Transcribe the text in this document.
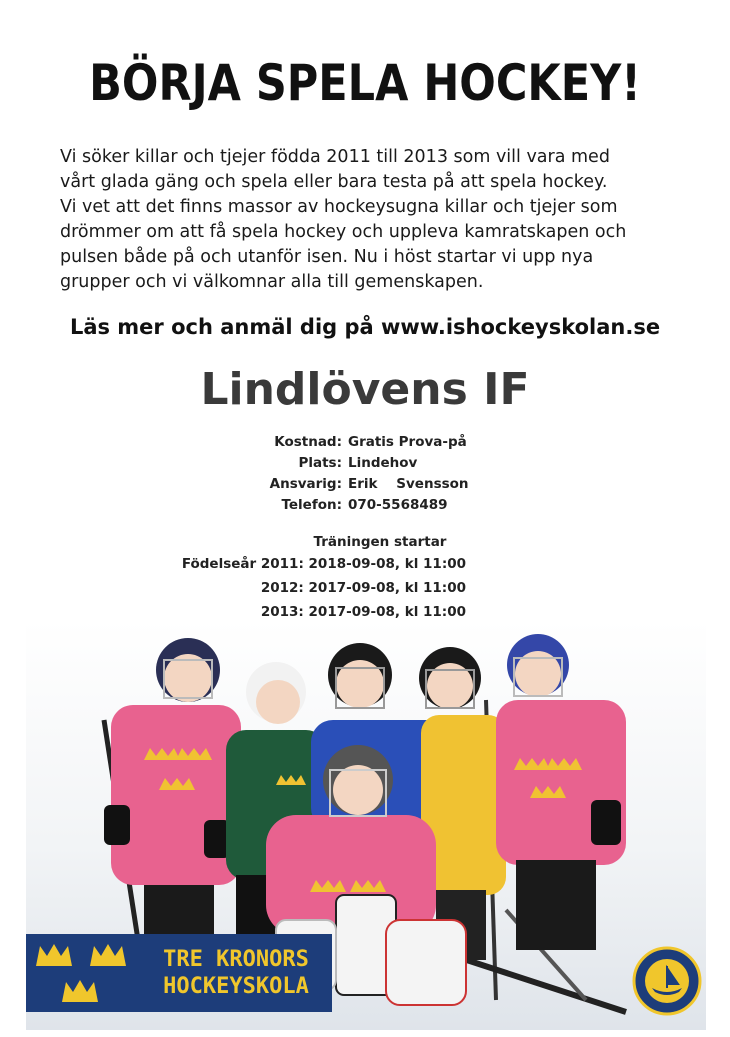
BÖRJA SPELA HOCKEY!
Vi söker killar och tjejer födda 2011 till 2013 som vill vara med
vårt glada gäng och spela eller bara testa på att spela hockey.
Vi vet att det finns massor av hockeysugna killar och tjejer som
drömmer om att få spela hockey och uppleva kamratskapen och
pulsen både på och utanför isen. Nu i höst startar vi upp nya
grupper och vi välkomnar alla till gemenskapen.
Läs mer och anmäl dig på www.ishockeyskolan.se
Lindlövens IF
Kostnad: Gratis Prova-på
Plats: Lindehov
Ansvarig: Erik    Svensson
Telefon: 070-5568489
Träningen startar
Födelseår 2011: 2018-09-08, kl 11:00
2012: 2017-09-08, kl 11:00
2013: 2017-09-08, kl 11:00
TRE KRONORS
HOCKEYSKOLA
